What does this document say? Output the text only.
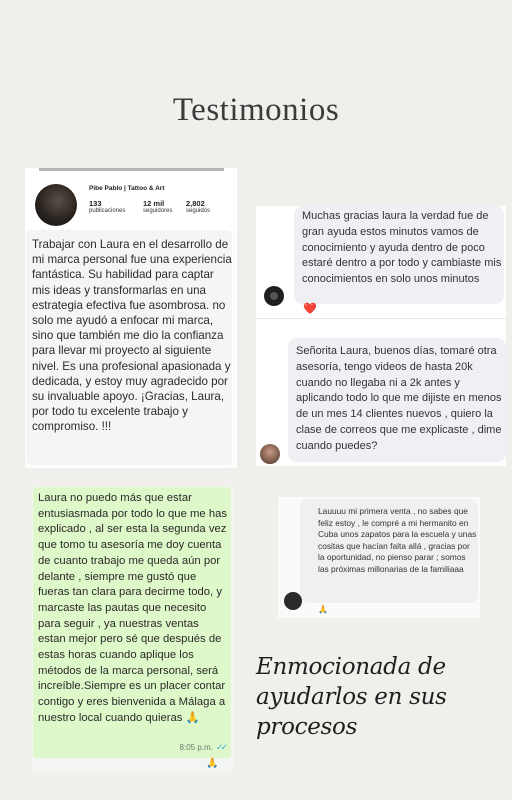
Testimonios
Pibe Pablo | Tattoo & Art
133
publicaciones
12 mil
seguidores
2,802
seguidos
Trabajar con Laura en el desarrollo de mi marca personal fue una experiencia fantástica. Su habilidad para captar mis ideas y transformarlas en una estrategia efectiva fue asombrosa. no solo me ayudó a enfocar mi marca, sino que también me dio la confianza para llevar mi proyecto al siguiente nivel. Es una profesional apasionada y dedicada, y estoy muy agradecido por su invaluable apoyo. ¡Gracias, Laura, por todo tu excelente trabajo y compromiso. !!!
Muchas gracias laura la verdad fue de gran ayuda estos minutos vamos de conocimiento y ayuda dentro de poco estaré dentro a por todo y cambiaste mis conocimientos en solo unos minutos
❤️
Señorita Laura, buenos días, tomaré otra asesoría, tengo videos de hasta 20k cuando no llegaba ni a 2k antes y aplicando todo lo que me dijiste en menos de un mes 14 clientes nuevos , quiero la clase de correos que me explicaste , dime cuando puedes?
Laura no puedo más que estar entusiasmada por todo lo que me has explicado , al ser esta la segunda vez que tomo tu asesoría me doy cuenta de cuanto trabajo me queda aún por delante , siempre me gustó que fueras tan clara para decirme todo, y marcaste las pautas que necesito para seguir , ya nuestras ventas estan mejor pero sé que después de estas horas cuando aplique los métodos de la marca personal, será increíble.Siempre es un placer contar contigo y eres bienvenida a Málaga a nuestro local cuando quieras 🙏
8:05 p.m. ✓✓
🙏
Lauuuu mi primera venta , no sabes que feliz estoy , le compré a mi hermanito en Cuba unos zapatos para la escuela y unas cositas que hacían falta allá , gracias por la oportunidad, no pienso parar ; somos las próximas millonarias de la familiaaa
🙏
Enmocionada de
ayudarlos en sus procesos
